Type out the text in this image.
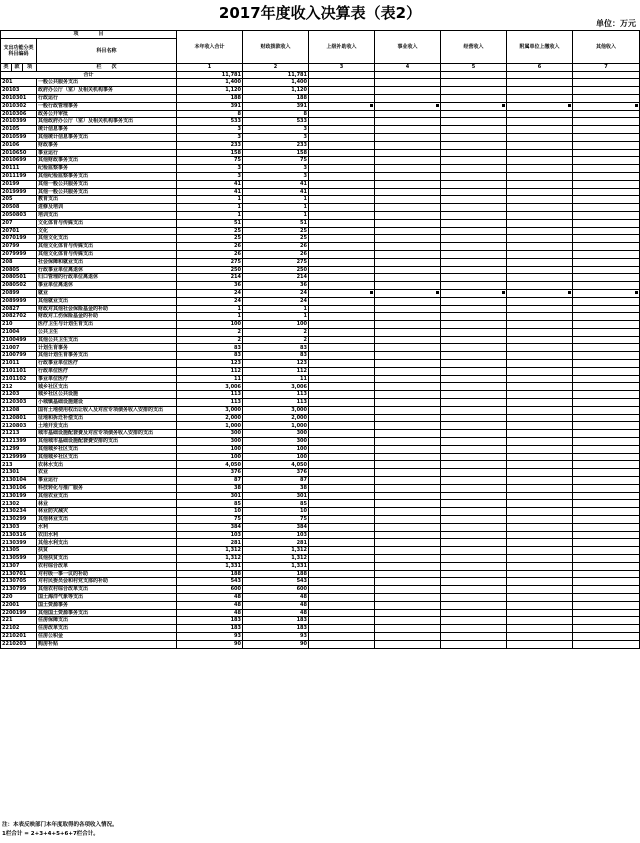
2017年度收入决算表（表2）
单位：万元
项　　　　目				本年收入合计	财政拨款收入	上级补助收入	事业收入	经营收入	附属单位上缴收入	其他收入
支出功能分类科目编码			科目名称							

类	款	项	栏　　次	1	2	3	4	5	6	7
合计				11,781	11,781					
201			一般公共服务支出	1,400	1,400					
20103			政府办公厅（室）及相关机构事务	1,120	1,120					
2010301			行政运行	188	188					
2010302			一般行政管理事务	391	391					
2010306			政务公开审批	8	8					
2010399			其他政府办公厅（室）及相关机构事务支出	533	533					
20105			统计信息事务	3	3					
2010599			其他统计信息事务支出	3	3					
20106			财政事务	233	233					
2010650			事业运行	158	158					
2010699			其他财政事务支出	75	75					
20111			纪检监察事务	3	3					
2011199			其他纪检监察事务支出	3	3					
20199			其他一般公共服务支出	41	41					
2019999			其他一般公共服务支出	41	41					
205			教育支出	1	1					
20508			进修及培训	1	1					
2050803			培训支出	1	1					
207			文化体育与传媒支出	51	51					
20701			文化	25	25					
2070199			其他文化支出	25	25					
20799			其他文化体育与传媒支出	26	26					
2079999			其他文化体育与传媒支出	26	26					
208			社会保障和就业支出	275	275					
20805			行政事业单位离退休	250	250					
2080501			归口管理的行政单位离退休	214	214					
2080502			事业单位离退休	36	36					
20899			就业	24	24					
2089999			其他就业支出	24	24					
20827			财政对其他社会保险基金的补助	1	1					
2082702			财政对工伤保险基金的补助	1	1					
210			医疗卫生与计划生育支出	100	100					
21004			公共卫生	2	2					
2100499			其他公共卫生支出	2	2					
21007			计划生育事务	83	83					
2100799			其他计划生育事务支出	83	83					
21011			行政事业单位医疗	123	123					
2101101			行政单位医疗	112	112					
2101102			事业单位医疗	11	11					
212			城乡社区支出	3,006	3,006					
21203			城乡社区公共设施	113	113					
2120303			小城镇基础设施建设	113	113					
21208			国有土地使用权出让收入及对应专项债务收入安排的支出	3,000	3,000					
2120801			征地和拆迁补偿支出	2,000	2,000					
2120803			土地开发支出	1,000	1,000					
21213			城市基础设施配套费及对应专项债务收入安排的支出	300	300					
2121399			其他城市基础设施配套费安排的支出	300	300					
21299			其他城乡社区支出	100	100					
2129999			其他城乡社区支出	100	100					
213			农林水支出	4,050	4,050					
21301			农业	376	376					
2130104			事业运行	87	87					
2130106			科技转化与推广服务	38	38					
2130199			其他农业支出	301	301					
21302			林业	85	85					
2130234			林业防灾减灾	10	10					
2130299			其他林业支出	75	75					
21303			水利	384	384					
2130316			农田水利	103	103					
2130399			其他水利支出	281	281					
21305			扶贫	1,312	1,312					
2130599			其他扶贫支出	1,312	1,312					
21307			农村综合改革	1,331	1,331					
2130701			对村级一事一议的补助	188	188					
2130705			对村民委员会和村党支部的补助	543	543					
2130799			其他农村综合改革支出	600	600					
220			国土海洋气象等支出	48	48					
22001			国土资源事务	48	48					
2200199			其他国土资源事务支出	48	48					
221			住房保障支出	183	183					
22102			住房改革支出	183	183					
2210201			住房公积金	93	93					
2210203			购房补贴	90	90					
注：本表反映部门本年度取得的各项收入情况。
1栏合计 = 2+3+4+5+6+7栏合计。
